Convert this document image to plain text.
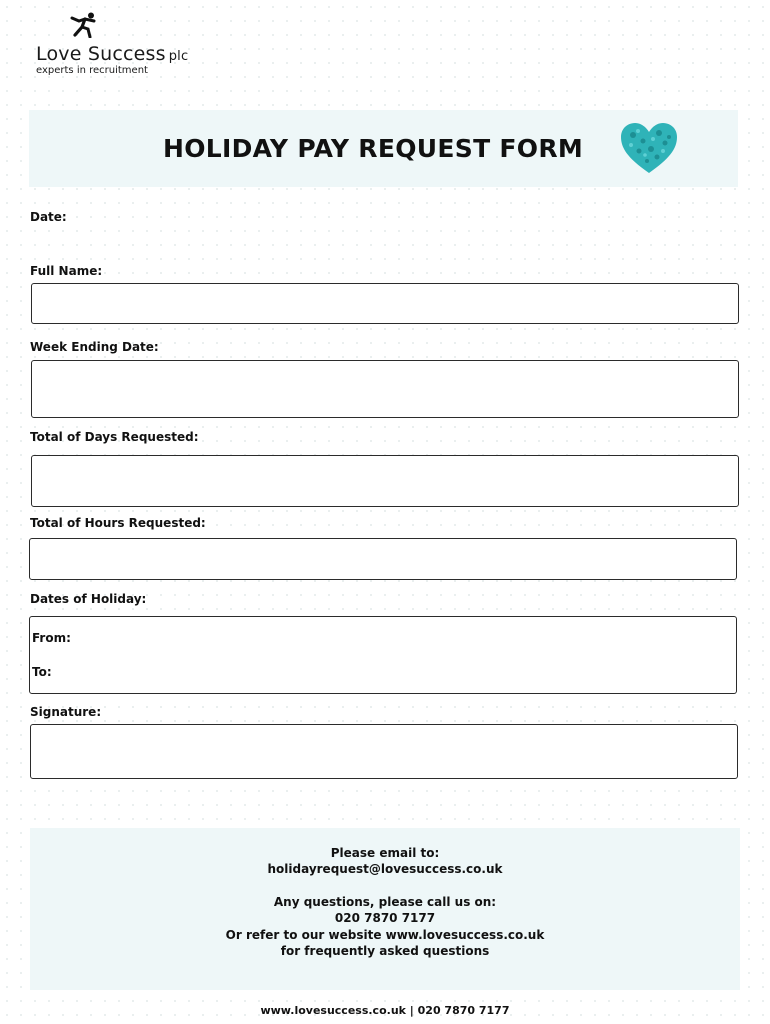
Love Success plc
experts in recruitment
HOLIDAY PAY REQUEST FORM
Date:
Full Name:
Week Ending Date:
Total of Days Requested:
Total of Hours Requested:
Dates of Holiday:
From:
To:
Signature:
Please email to:
holidayrequest@lovesuccess.co.uk
Any questions, please call us on:
020 7870 7177
Or refer to our website www.lovesuccess.co.uk
for frequently asked questions
www.lovesuccess.co.uk | 020 7870 7177
